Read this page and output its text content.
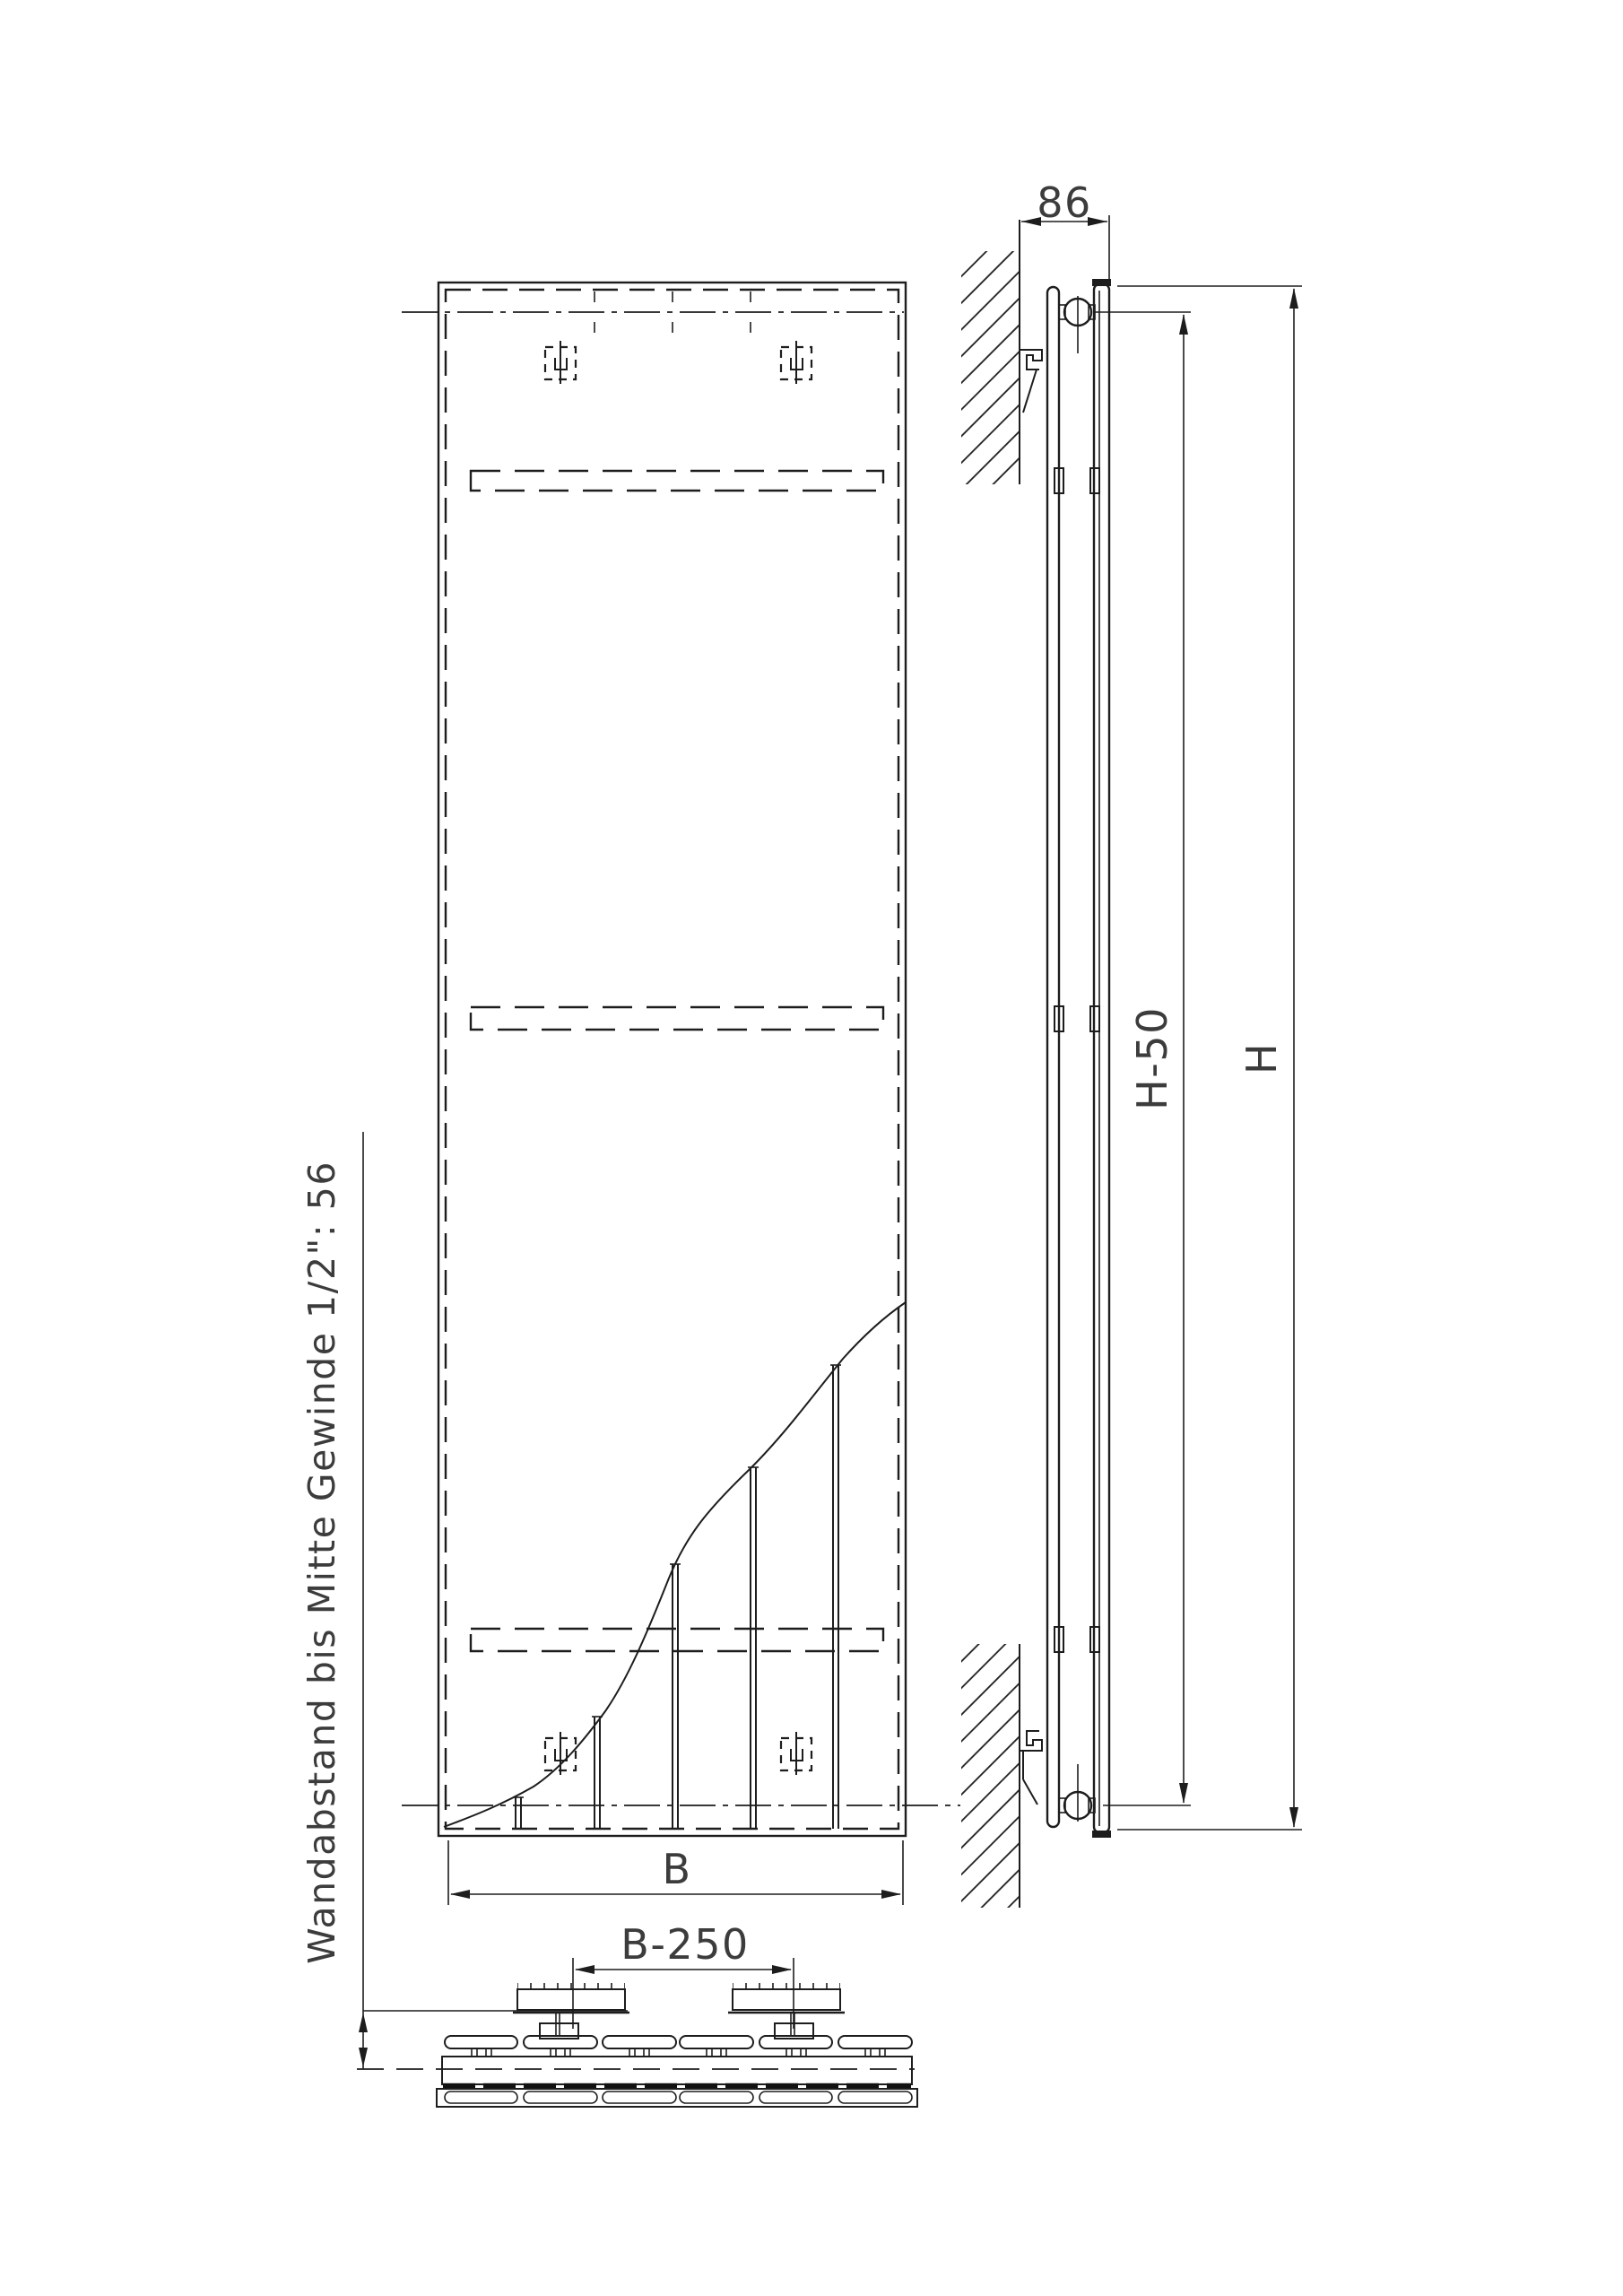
86
H-50 H
B
B-250
Wandabstand bis Mitte Gewinde 1/2": 56
